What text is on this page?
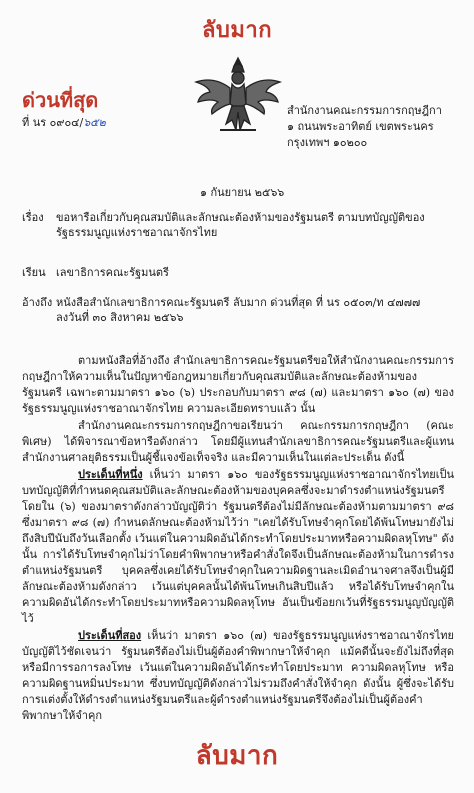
ลับมาก
ด่วนที่สุด
ที่ นร ๐๙๐๔/๖๕๒
สำนักงานคณะกรรมการกฤษฎีกา
๑ ถนนพระอาทิตย์ เขตพระนคร
กรุงเทพฯ ๑๐๒๐๐
๑ กันยายน ๒๕๖๖
เรื่อง ขอหารือเกี่ยวกับคุณสมบัติและลักษณะต้องห้ามของรัฐมนตรี ตามบทบัญญัติของรัฐธรรมนูญแห่งราชอาณาจักรไทย
เรียน เลขาธิการคณะรัฐมนตรี
อ้างถึง หนังสือสำนักเลขาธิการคณะรัฐมนตรี ลับมาก ด่วนที่สุด ที่ นร ๐๕๐๓/ท ๔๗๗๗
ลงวันที่ ๓๐ สิงหาคม ๒๕๖๖
ตามหนังสือที่อ้างถึง สำนักเลขาธิการคณะรัฐมนตรีขอให้สำนักงานคณะกรรมการกฤษฎีกาให้ความเห็นในปัญหาข้อกฎหมายเกี่ยวกับคุณสมบัติและลักษณะต้องห้ามของรัฐมนตรี เฉพาะตามมาตรา ๑๖๐ (๖) ประกอบกับมาตรา ๙๘ (๗) และมาตรา ๑๖๐ (๗) ของรัฐธรรมนูญแห่งราชอาณาจักรไทย ความละเอียดทราบแล้ว นั้น
สำนักงานคณะกรรมการกฤษฎีกาขอเรียนว่า คณะกรรมการกฤษฎีกา (คณะพิเศษ) ได้พิจารณาข้อหารือดังกล่าว โดยมีผู้แทนสำนักเลขาธิการคณะรัฐมนตรีและผู้แทนสำนักงานศาลยุติธรรมเป็นผู้ชี้แจงข้อเท็จจริง และมีความเห็นในแต่ละประเด็น ดังนี้
ประเด็นที่หนึ่ง เห็นว่า มาตรา ๑๖๐ ของรัฐธรรมนูญแห่งราชอาณาจักรไทยเป็นบทบัญญัติที่กำหนดคุณสมบัติและลักษณะต้องห้ามของบุคคลซึ่งจะมาดำรงตำแหน่งรัฐมนตรี โดยใน (๖) ของมาตราดังกล่าวบัญญัติว่า รัฐมนตรีต้องไม่มีลักษณะต้องห้ามตามมาตรา ๙๘ ซึ่งมาตรา ๙๘ (๗) กำหนดลักษณะต้องห้ามไว้ว่า "เคยได้รับโทษจำคุกโดยได้พ้นโทษมายังไม่ถึงสิบปีนับถึงวันเลือกตั้ง เว้นแต่ในความผิดอันได้กระทำโดยประมาทหรือความผิดลหุโทษ" ดังนั้น การได้รับโทษจำคุกไม่ว่าโดยคำพิพากษาหรือคำสั่งใดจึงเป็นลักษณะต้องห้ามในการดำรงตำแหน่งรัฐมนตรี บุคคลซึ่งเคยได้รับโทษจำคุกในความผิดฐานละเมิดอำนาจศาลจึงเป็นผู้มีลักษณะต้องห้ามดังกล่าว เว้นแต่บุคคลนั้นได้พ้นโทษเกินสิบปีแล้ว หรือได้รับโทษจำคุกในความผิดอันได้กระทำโดยประมาทหรือความผิดลหุโทษ อันเป็นข้อยกเว้นที่รัฐธรรมนูญบัญญัติไว้
ประเด็นที่สอง เห็นว่า มาตรา ๑๖๐ (๗) ของรัฐธรรมนูญแห่งราชอาณาจักรไทยบัญญัติไว้ชัดเจนว่า รัฐมนตรีต้องไม่เป็นผู้ต้องคำพิพากษาให้จำคุก แม้คดีนั้นจะยังไม่ถึงที่สุด หรือมีการรอการลงโทษ เว้นแต่ในความผิดอันได้กระทำโดยประมาท ความผิดลหุโทษ หรือความผิดฐานหมิ่นประมาท ซึ่งบทบัญญัติดังกล่าวไม่รวมถึงคำสั่งให้จำคุก ดังนั้น ผู้ซึ่งจะได้รับการแต่งตั้งให้ดำรงตำแหน่งรัฐมนตรีและผู้ดำรงตำแหน่งรัฐมนตรีจึงต้องไม่เป็นผู้ต้องคำพิพากษาให้จำคุก
ลับมาก
